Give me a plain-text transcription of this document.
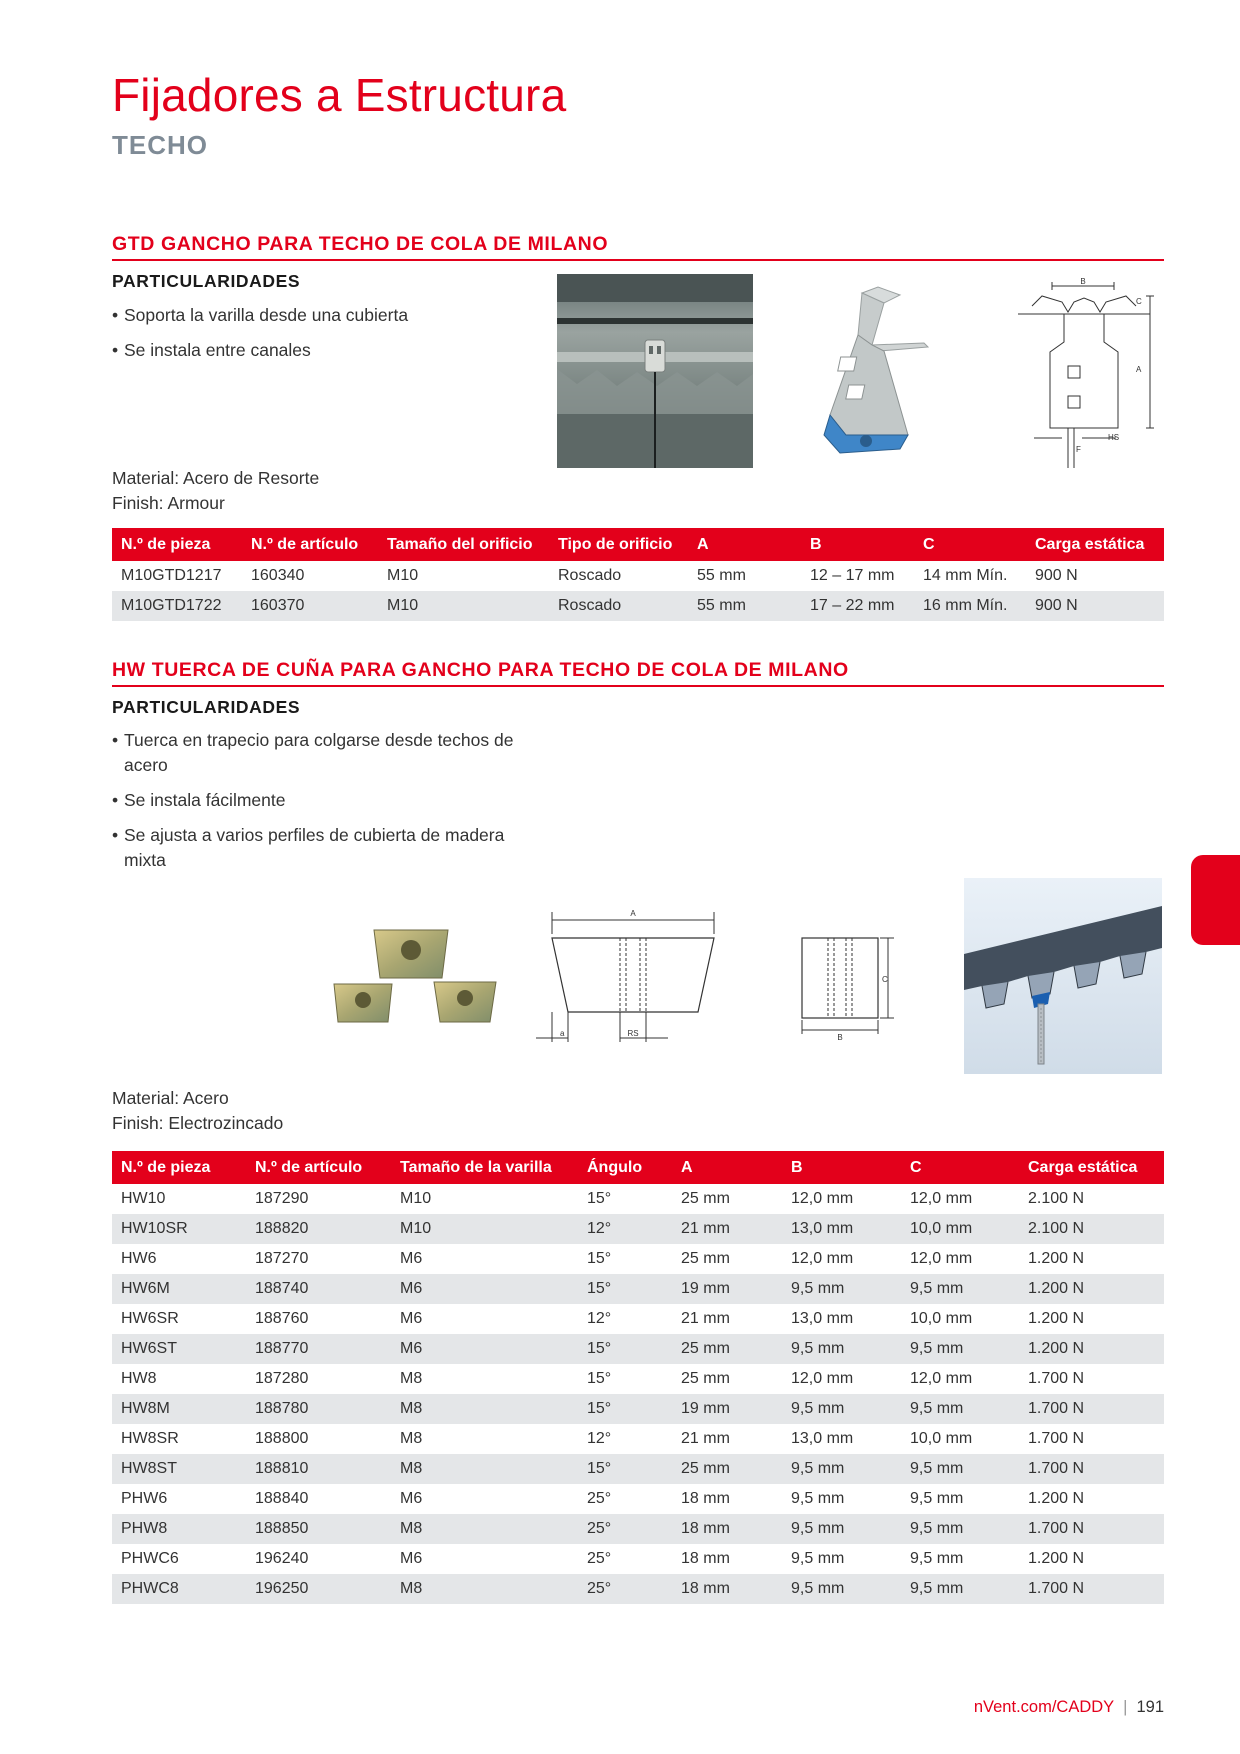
Fijadores a Estructura
TECHO
GTD GANCHO PARA TECHO DE COLA DE MILANO
PARTICULARIDADES
• Soporta la varilla desde una cubierta
• Se instala entre canales
B
C
A
HS
F
Material: Acero de Resorte
Finish: Armour
N.º de pieza	N.º de artículo	Tamaño del orificio	Tipo de orificio	A	B	C	Carga estática
M10GTD1217	160340	M10	Roscado	55 mm	12 – 17 mm	14 mm Mín.	900 N
M10GTD1722	160370	M10	Roscado	55 mm	17 – 22 mm	16 mm Mín.	900 N
HW TUERCA DE CUÑA PARA GANCHO PARA TECHO DE COLA DE MILANO
PARTICULARIDADES
• Tuerca en trapecio para colgarse desde techos de acero
• Se instala fácilmente
• Se ajusta a varios perfiles de cubierta de madera mixta
A
a	RS
C
B
Material: Acero
Finish: Electrozincado
N.º de pieza	N.º de artículo	Tamaño de la varilla	Ángulo	A	B	C	Carga estática
HW10	187290	M10	15°	25 mm	12,0 mm	12,0 mm	2.100 N
HW10SR	188820	M10	12°	21 mm	13,0 mm	10,0 mm	2.100 N
HW6	187270	M6	15°	25 mm	12,0 mm	12,0 mm	1.200 N
HW6M	188740	M6	15°	19 mm	9,5 mm	9,5 mm	1.200 N
HW6SR	188760	M6	12°	21 mm	13,0 mm	10,0 mm	1.200 N
HW6ST	188770	M6	15°	25 mm	9,5 mm	9,5 mm	1.200 N
HW8	187280	M8	15°	25 mm	12,0 mm	12,0 mm	1.700 N
HW8M	188780	M8	15°	19 mm	9,5 mm	9,5 mm	1.700 N
HW8SR	188800	M8	12°	21 mm	13,0 mm	10,0 mm	1.700 N
HW8ST	188810	M8	15°	25 mm	9,5 mm	9,5 mm	1.700 N
PHW6	188840	M6	25°	18 mm	9,5 mm	9,5 mm	1.200 N
PHW8	188850	M8	25°	18 mm	9,5 mm	9,5 mm	1.700 N
PHWC6	196240	M6	25°	18 mm	9,5 mm	9,5 mm	1.200 N
PHWC8	196250	M8	25°	18 mm	9,5 mm	9,5 mm	1.700 N
nVent.com/CADDY | 191
